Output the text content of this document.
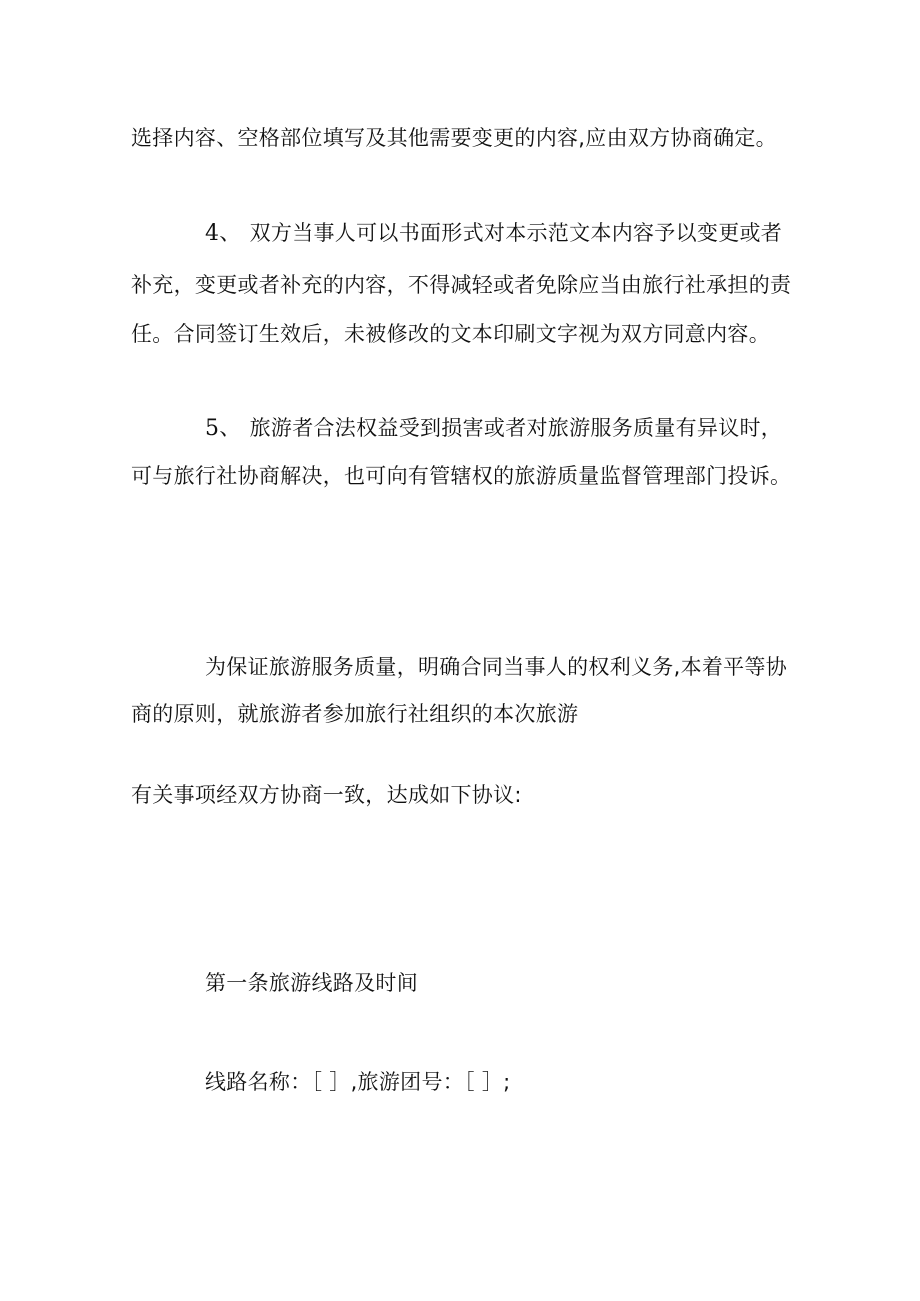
选择内容、空格部位填写及其他需要变更的内容,应由双方协商确定。
4、 双方当事人可以书面形式对本示范文本内容予以变更或者
补充，变更或者补充的内容，不得减轻或者免除应当由旅行社承担的责
任。合同签订生效后，未被修改的文本印刷文字视为双方同意内容。
5、 旅游者合法权益受到损害或者对旅游服务质量有异议时，
可与旅行社协商解决，也可向有管辖权的旅游质量监督管理部门投诉。
为保证旅游服务质量，明确合同当事人的权利义务,本着平等协
商的原则，就旅游者参加旅行社组织的本次旅游
有关事项经双方协商一致，达成如下协议:
第一条旅游线路及时间
线路名称：［ ］,旅游团号：［ ］;
